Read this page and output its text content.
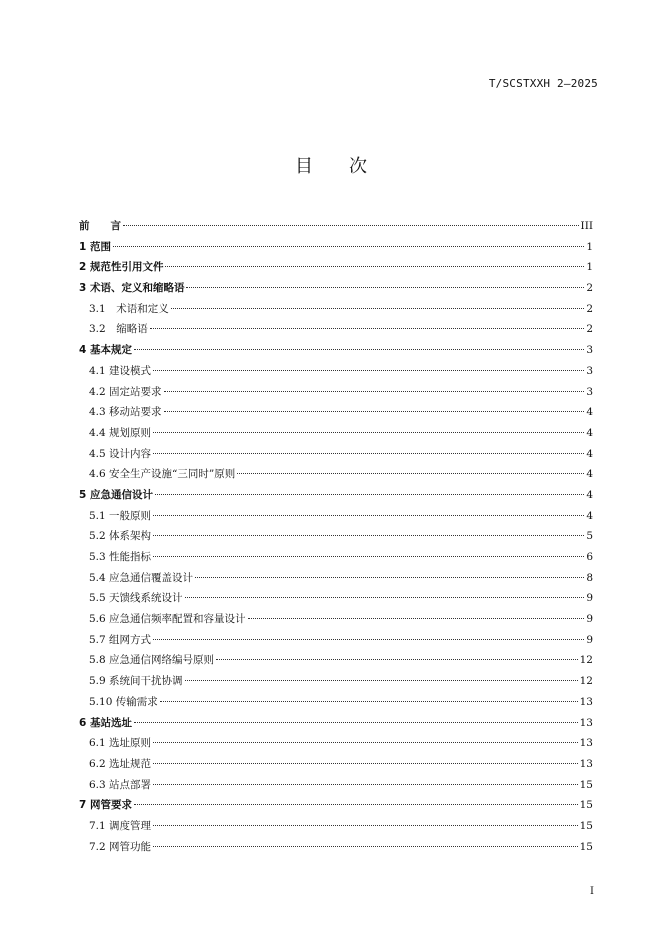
T/SCSTXXH 2—2025
目 次
前　　言	III
1 范围	1
2 规范性引用文件	1
3 术语、定义和缩略语	2
3.1　术语和定义	2
3.2　缩略语	2
4 基本规定	3
4.1 建设模式	3
4.2 固定站要求	3
4.3 移动站要求	4
4.4 规划原则	4
4.5 设计内容	4
4.6 安全生产设施“三同时”原则	4
5 应急通信设计	4
5.1 一般原则	4
5.2 体系架构	5
5.3 性能指标	6
5.4 应急通信覆盖设计	8
5.5 天馈线系统设计	9
5.6 应急通信频率配置和容量设计	9
5.7 组网方式	9
5.8 应急通信网络编号原则	12
5.9 系统间干扰协调	12
5.10 传输需求	13
6 基站选址	13
6.1 选址原则	13
6.2 选址规范	13
6.3 站点部署	15
7 网管要求	15
7.1 调度管理	15
7.2 网管功能	15
I
